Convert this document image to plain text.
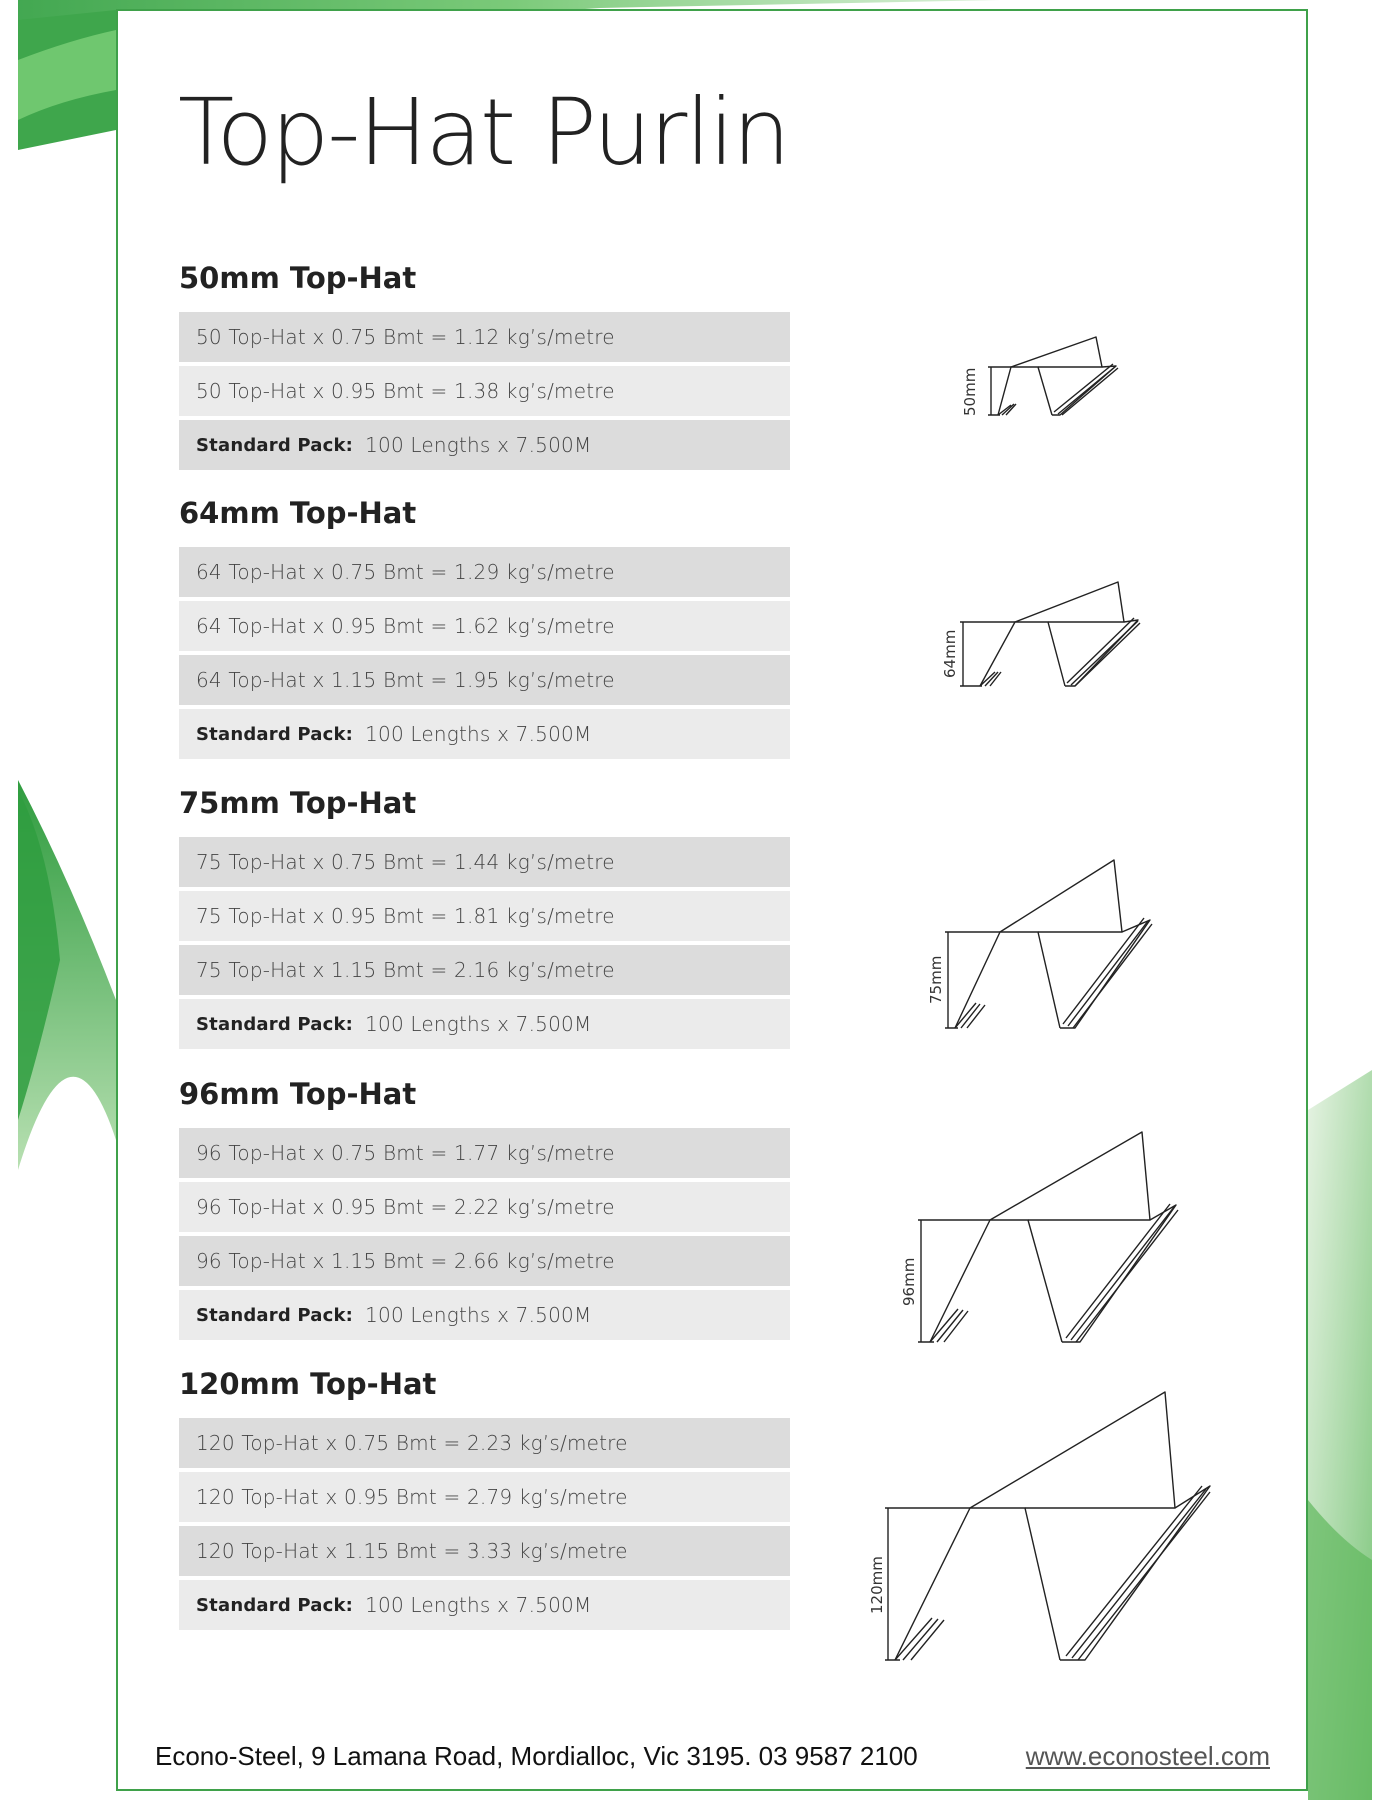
Top-Hat Purlin
50mm Top-Hat
50 Top-Hat x 0.75 Bmt = 1.12 kg’s/metre
50 Top-Hat x 0.95 Bmt = 1.38 kg’s/metre
Standard Pack: 100 Lengths x 7.500M
64mm Top-Hat
64 Top-Hat x 0.75 Bmt = 1.29 kg’s/metre
64 Top-Hat x 0.95 Bmt = 1.62 kg’s/metre
64 Top-Hat x 1.15 Bmt = 1.95 kg’s/metre
Standard Pack: 100 Lengths x 7.500M
75mm Top-Hat
75 Top-Hat x 0.75 Bmt = 1.44 kg’s/metre
75 Top-Hat x 0.95 Bmt = 1.81 kg’s/metre
75 Top-Hat x 1.15 Bmt = 2.16 kg’s/metre
Standard Pack: 100 Lengths x 7.500M
96mm Top-Hat
96 Top-Hat x 0.75 Bmt = 1.77 kg’s/metre
96 Top-Hat x 0.95 Bmt = 2.22 kg’s/metre
96 Top-Hat x 1.15 Bmt = 2.66 kg’s/metre
Standard Pack: 100 Lengths x 7.500M
120mm Top-Hat
120 Top-Hat x 0.75 Bmt = 2.23 kg’s/metre
120 Top-Hat x 0.95 Bmt = 2.79 kg’s/metre
120 Top-Hat x 1.15 Bmt = 3.33 kg’s/metre
Standard Pack: 100 Lengths x 7.500M
50mm
64mm
75mm
96mm
120mm
Econo-Steel, 9 Lamana Road, Mordialloc, Vic 3195. 03 9587 2100	www.econosteel.com
